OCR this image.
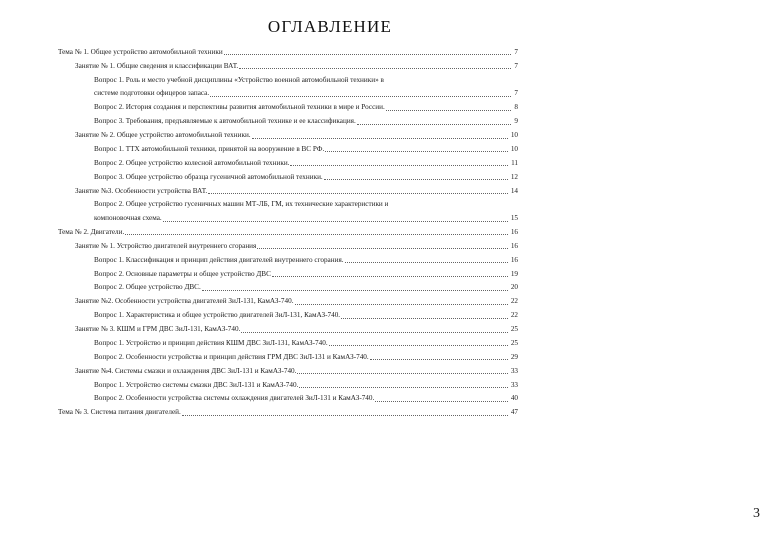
ОГЛАВЛЕНИЕ
Тема № 1. Общее устройство автомобильной техники	7
Занятие № 1. Общие сведения и классификации ВАТ.	7
Вопрос 1. Роль и место учебной дисциплины «Устройство военной автомобильной техники» в
системе подготовки офицеров запаса.	7
Вопрос 2. История создания и перспективы развития автомобильной техники в мире и России.	8
Вопрос 3. Требования, предъявляемые к автомобильной технике и ее классификация.	9
Занятие № 2. Общее устройство автомобильной техники.	10
Вопрос 1. ТТХ автомобильной техники, принятой на вооружение в ВС РФ.	10
Вопрос 2. Общее устройство колесной автомобильной техники.	11
Вопрос 3. Общее устройство образца гусеничной автомобильной техники.	12
Занятие №3. Особенности устройства ВАТ.	14
Вопрос 2. Общее устройство гусеничных машин МТ-ЛБ, ГМ, их технические характеристики и
компоновочная схема.	15
Тема № 2. Двигатели.	16
Занятие № 1. Устройство двигателей внутреннего сгорания	16
Вопрос 1. Классификация и принцип действия двигателей внутреннего сгорания.	16
Вопрос 2. Основные параметры и общее устройство ДВС	19
Вопрос 2. Общее устройство ДВС.	20
Занятие №2. Особенности устройства двигателей ЗиЛ-131, КамАЗ-740.	22
Вопрос 1. Характеристика и общее устройство двигателей ЗиЛ-131, КамАЗ-740.	22
Занятие № 3. КШМ и ГРМ ДВС ЗиЛ-131, КамАЗ-740.	25
Вопрос 1. Устройство и принцип действия КШМ ДВС ЗиЛ-131, КамАЗ-740.	25
Вопрос 2. Особенности устройства и принцип действия ГРМ ДВС ЗиЛ-131 и КамАЗ-740.	29
Занятие №4. Системы смазки и охлаждения ДВС ЗиЛ-131 и КамАЗ-740.	33
Вопрос 1. Устройство системы смазки ДВС ЗиЛ-131 и КамАЗ-740.	33
Вопрос 2. Особенности устройства системы охлаждения двигателей ЗиЛ-131 и КамАЗ-740.	40
Тема № 3. Система питания двигателей.	47
3
